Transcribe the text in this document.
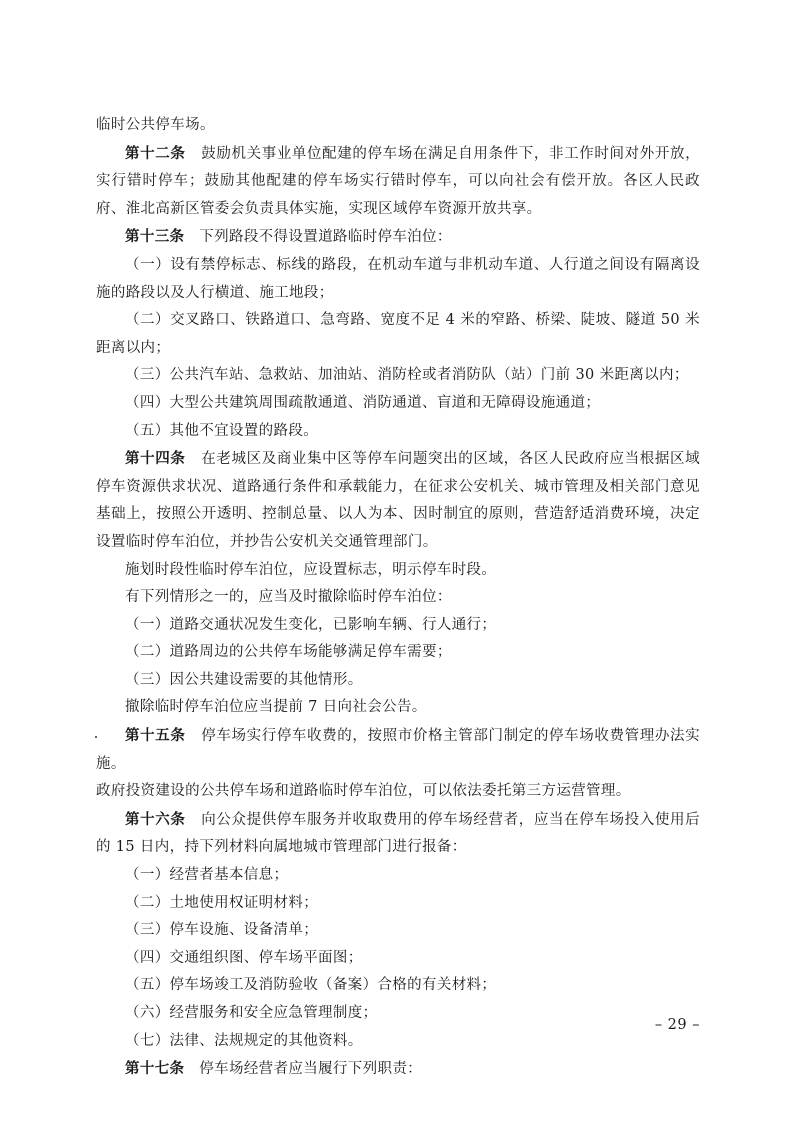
临时公共停车场。

第十二条   鼓励机关事业单位配建的停车场在满足自用条件下，非工作时间对外开放，实行错时停车；鼓励其他配建的停车场实行错时停车，可以向社会有偿开放。各区人民政府、淮北高新区管委会负责具体实施，实现区域停车资源开放共享。

第十三条   下列路段不得设置道路临时停车泊位：

（一）设有禁停标志、标线的路段，在机动车道与非机动车道、人行道之间设有隔离设施的路段以及人行横道、施工地段；

（二）交叉路口、铁路道口、急弯路、宽度不足 4 米的窄路、桥梁、陡坡、隧道 50 米距离以内；

（三）公共汽车站、急救站、加油站、消防栓或者消防队（站）门前 30 米距离以内；

（四）大型公共建筑周围疏散通道、消防通道、盲道和无障碍设施通道；

（五）其他不宜设置的路段。

第十四条   在老城区及商业集中区等停车问题突出的区域，各区人民政府应当根据区域停车资源供求状况、道路通行条件和承载能力，在征求公安机关、城市管理及相关部门意见基础上，按照公开透明、控制总量、以人为本、因时制宜的原则，营造舒适消费环境，决定设置临时停车泊位，并抄告公安机关交通管理部门。

施划时段性临时停车泊位，应设置标志，明示停车时段。

有下列情形之一的，应当及时撤除临时停车泊位：

（一）道路交通状况发生变化，已影响车辆、行人通行；

（二）道路周边的公共停车场能够满足停车需要；

（三）因公共建设需要的其他情形。

撤除临时停车泊位应当提前 7 日向社会公告。

第十五条   停车场实行停车收费的，按照市价格主管部门制定的停车场收费管理办法实施。

政府投资建设的公共停车场和道路临时停车泊位，可以依法委托第三方运营管理。

第十六条   向公众提供停车服务并收取费用的停车场经营者，应当在停车场投入使用后的 15 日内，持下列材料向属地城市管理部门进行报备：

（一）经营者基本信息；

（二）土地使用权证明材料；

（三）停车设施、设备清单；

（四）交通组织图、停车场平面图；

（五）停车场竣工及消防验收（备案）合格的有关材料；

（六）经营服务和安全应急管理制度；

（七）法律、法规规定的其他资料。

第十七条   停车场经营者应当履行下列职责：

– 29 –
